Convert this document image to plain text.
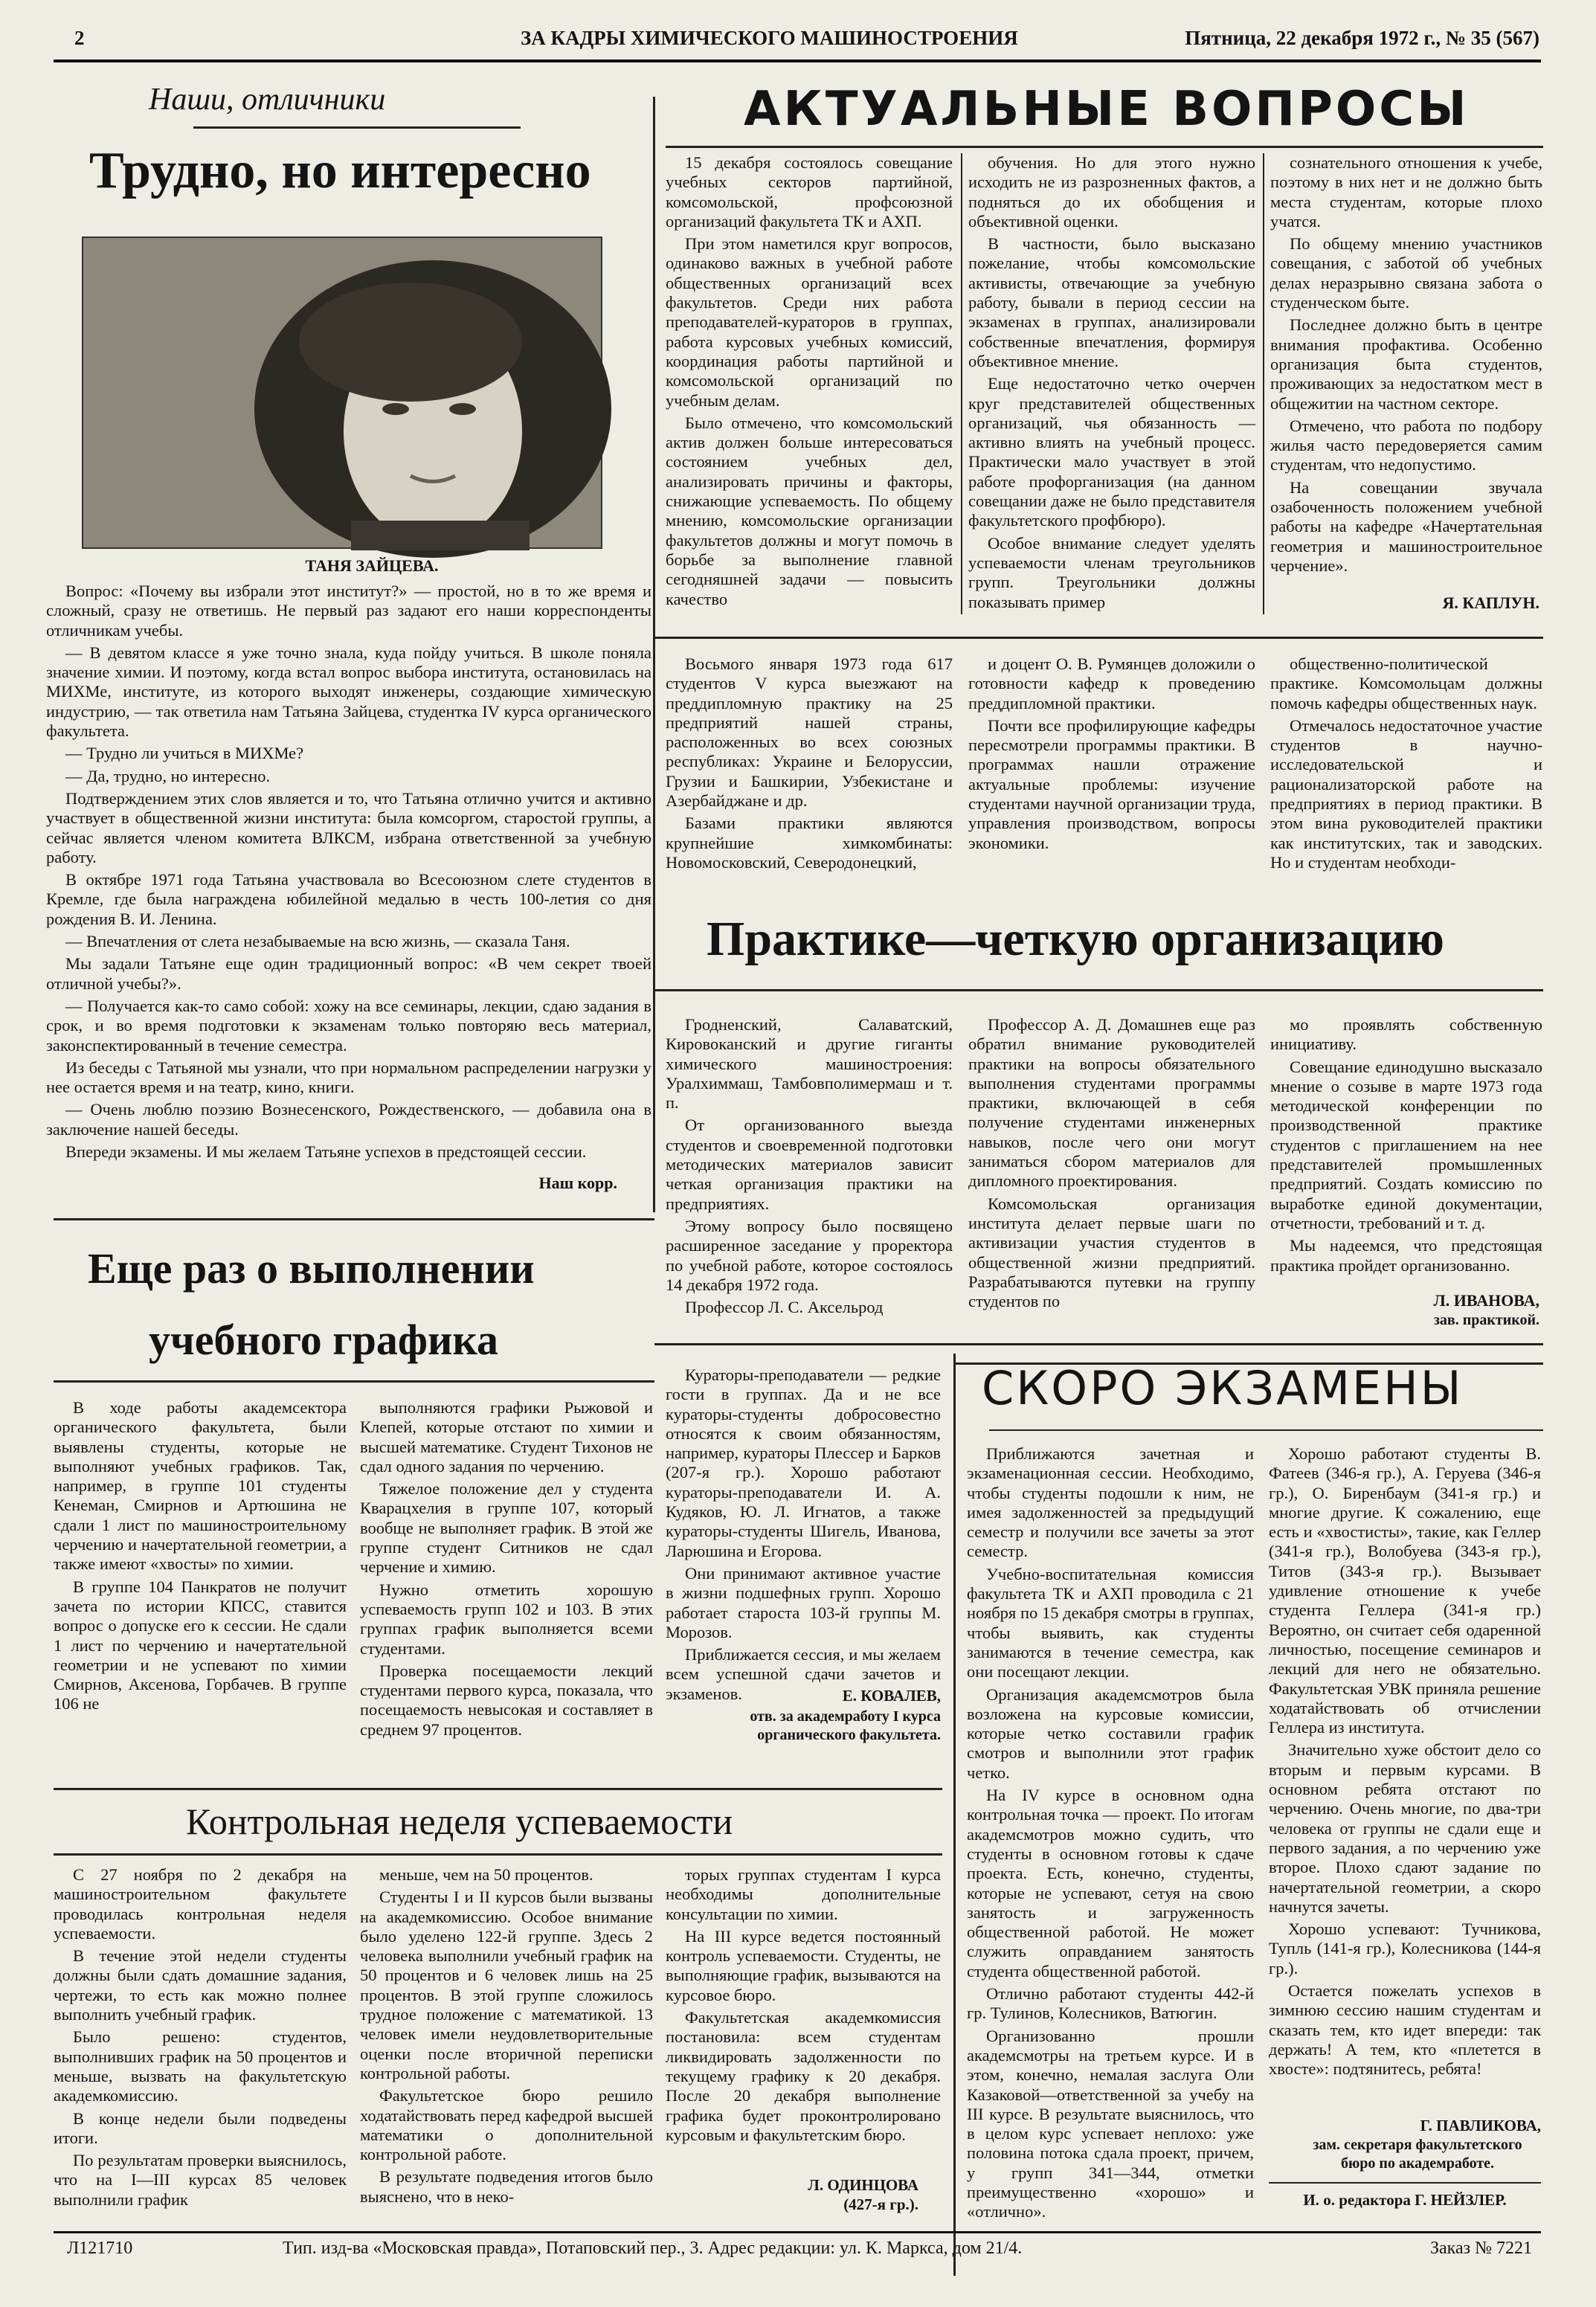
2	ЗА КАДРЫ ХИМИЧЕСКОГО МАШИНОСТРОЕНИЯ	Пятница, 22 декабря 1972 г., № 35 (567)
Наши, отличники
Трудно, но интересно
ТАНЯ ЗАЙЦЕВА.

Вопрос: «Почему вы избрали этот институт?» — простой, но в то же время и сложный, сразу не ответишь. Не первый раз задают его наши корреспонденты отличникам учебы.

— В девятом классе я уже точно знала, куда пойду учиться. В школе поняла значение химии. И поэтому, когда встал вопрос выбора института, остановилась на МИХМе, институте, из которого выходят инженеры, создающие химическую индустрию, — так ответила нам Татьяна Зайцева, студентка IV курса органического факультета.

— Трудно ли учиться в МИХМе?

— Да, трудно, но интересно.

Подтверждением этих слов является и то, что Татьяна отлично учится и активно участвует в общественной жизни института: была комсоргом, старостой группы, а сейчас является членом комитета ВЛКСМ, избрана ответственной за учебную работу.

В октябре 1971 года Татьяна участвовала во Всесоюзном слете студентов в Кремле, где была награждена юбилейной медалью в честь 100-летия со дня рождения В. И. Ленина.

— Впечатления от слета незабываемые на всю жизнь, — сказала Таня.

Мы задали Татьяне еще один традиционный вопрос: «В чем секрет твоей отличной учебы?».

— Получается как-то само собой: хожу на все семинары, лекции, сдаю задания в срок, и во время подготовки к экзаменам только повторяю весь материал, законспектированный в течение семестра.

Из беседы с Татьяной мы узнали, что при нормальном распределении нагрузки у нее остается время и на театр, кино, книги.

— Очень люблю поэзию Вознесенского, Рождественского, — добавила она в заключение нашей беседы.

Впереди экзамены. И мы желаем Татьяне успехов в предстоящей сессии.

Наш корр.
АКТУАЛЬНЫЕ ВОПРОСЫ

15 декабря состоялось совещание учебных секторов партийной, комсомольской, профсоюзной организаций факультета ТК и АХП.

При этом наметился круг вопросов, одинаково важных в учебной работе общественных организаций всех факультетов. Среди них работа преподавателей-кураторов в группах, работа курсовых учебных комиссий, координация работы партийной и комсомольской организаций по учебным делам.

Было отмечено, что комсомольский актив должен больше интересоваться состоянием учебных дел, анализировать причины и факторы, снижающие успеваемость. По общему мнению, комсомольские организации факультетов должны и могут помочь в борьбе за выполнение главной сегодняшней задачи — повысить качество

обучения. Но для этого нужно исходить не из разрозненных фактов, а подняться до их обобщения и объективной оценки.

В частности, было высказано пожелание, чтобы комсомольские активисты, отвечающие за учебную работу, бывали в период сессии на экзаменах в группах, анализировали собственные впечатления, формируя объективное мнение.

Еще недостаточно четко очерчен круг представителей общественных организаций, чья обязанность — активно влиять на учебный процесс. Практически мало участвует в этой работе профорганизация (на данном совещании даже не было представителя факультетского профбюро).

Особое внимание следует уделять успеваемости членам треугольников групп. Треугольники должны показывать пример

сознательного отношения к учебе, поэтому в них нет и не должно быть места студентам, которые плохо учатся.

По общему мнению участников совещания, с заботой об учебных делах неразрывно связана забота о студенческом быте.

Последнее должно быть в центре внимания профактива. Особенно организация быта студентов, проживающих за недостатком мест в общежитии на частном секторе.

Отмечено, что работа по подбору жилья часто передоверяется самим студентам, что недопустимо.

На совещании звучала озабоченность положением учебной работы на кафедре «Начертательная геометрия и машиностроительное черчение».

Я. КАПЛУН.

Восьмого января 1973 года 617 студентов V курса выезжают на преддипломную практику на 25 предприятий нашей страны, расположенных во всех союзных республиках: Украине и Белоруссии, Грузии и Башкирии, Узбекистане и Азербайджане и др.

Базами практики являются крупнейшие химкомбинаты: Новомосковский, Северодонецкий,

и доцент О. В. Румянцев доложили о готовности кафедр к проведению преддипломной практики.

Почти все профилирующие кафедры пересмотрели программы практики. В программах нашли отражение актуальные проблемы: изучение студентами научной организации труда, управления производством, вопросы экономики.

общественно-политической практике. Комсомольцам должны помочь кафедры общественных наук.

Отмечалось недостаточное участие студентов в научно-исследовательской и рационализаторской работе на предприятиях в период практики. В этом вина руководителей практики как институтских, так и заводских. Но и студентам необходи-

Практике—четкую организацию

Гродненский, Салаватский, Кировоканский и другие гиганты химического машиностроения: Уралхиммаш, Тамбовполимермаш и т. п.

От организованного выезда студентов и своевременной подготовки методических материалов зависит четкая организация практики на предприятиях.

Этому вопросу было посвящено расширенное заседание у проректора по учебной работе, которое состоялось 14 декабря 1972 года.

Профессор Л. С. Аксельрод

Профессор А. Д. Домашнев еще раз обратил внимание руководителей практики на вопросы обязательного выполнения студентами программы практики, включающей в себя получение студентами инженерных навыков, после чего они могут заниматься сбором материалов для дипломного проектирования.

Комсомольская организация института делает первые шаги по активизации участия студентов в общественной жизни предприятий. Разрабатываются путевки на группу студентов по

мо проявлять собственную инициативу.

Совещание единодушно высказало мнение о созыве в марте 1973 года методической конференции по производственной практике студентов с приглашением на нее представителей промышленных предприятий. Создать комиссию по выработке единой документации, отчетности, требований и т. д.

Мы надеемся, что предстоящая практика пройдет организованно.

Л. ИВАНОВА,
зав. практикой.
Еще раз о выполнении
учебного графика

В ходе работы академсектора органического факультета, были выявлены студенты, которые не выполняют учебных графиков. Так, например, в группе 101 студенты Кенеман, Смирнов и Артюшина не сдали 1 лист по машиностроительному черчению и начертательной геометрии, а также имеют «хвосты» по химии.

В группе 104 Панкратов не получит зачета по истории КПСС, ставится вопрос о допуске его к сессии. Не сдали 1 лист по черчению и начертательной геометрии и не успевают по химии Смирнов, Аксенова, Горбачев. В группе 106 не

выполняются графики Рыжовой и Клепей, которые отстают по химии и высшей математике. Студент Тихонов не сдал одного задания по черчению.

Тяжелое положение дел у студента Кварацхелия в группе 107, который вообще не выполняет график. В этой же группе студент Ситников не сдал черчение и химию.

Нужно отметить хорошую успеваемость групп 102 и 103. В этих группах график выполняется всеми студентами.

Проверка посещаемости лекций студентами первого курса, показала, что посещаемость невысокая и составляет в среднем 97 процентов.

Кураторы-преподаватели — редкие гости в группах. Да и не все кураторы-студенты добросовестно относятся к своим обязанностям, например, кураторы Плессер и Барков (207-я гр.). Хорошо работают кураторы-преподаватели И. А. Кудяков, Ю. Л. Игнатов, а также кураторы-студенты Шигель, Иванова, Ларюшина и Егорова.

Они принимают активное участие в жизни подшефных групп. Хорошо работает староста 103-й группы М. Морозов.

Приближается сессия, и мы желаем всем успешной сдачи зачетов и экзаменов.	Е. КОВАЛЕВ,
отв. за академработу I курса органического факультета.
Контрольная неделя успеваемости

С 27 ноября по 2 декабря на машиностроительном факультете проводилась контрольная неделя успеваемости.

В течение этой недели студенты должны были сдать домашние задания, чертежи, то есть как можно полнее выполнить учебный график.

Было решено: студентов, выполнивших график на 50 процентов и меньше, вызвать на факультетскую академкомиссию.

В конце недели были подведены итоги.

По результатам проверки выяснилось, что на I—III курсах 85 человек выполнили график

меньше, чем на 50 процентов.

Студенты I и II курсов были вызваны на академкомиссию. Особое внимание было уделено 122-й группе. Здесь 2 человека выполнили учебный график на 50 процентов и 6 человек лишь на 25 процентов. В этой группе сложилось трудное положение с математикой. 13 человек имели неудовлетворительные оценки после вторичной переписки контрольной работы.

Факультетское бюро решило ходатайствовать перед кафедрой высшей математики о дополнительной контрольной работе.

В результате подведения итогов было выяснено, что в неко-

торых группах студентам I курса необходимы дополнительные консультации по химии.

На III курсе ведется постоянный контроль успеваемости. Студенты, не выполняющие график, вызываются на курсовое бюро.

Факультетская академкомиссия постановила: всем студентам ликвидировать задолженности по текущему графику к 20 декабря. После 20 декабря выполнение графика будет проконтролировано курсовым и факультетским бюро.

Л. ОДИНЦОВА
(427-я гр.).
СКОРО ЭКЗАМЕНЫ

Приближаются зачетная и экзаменационная сессии. Необходимо, чтобы студенты подошли к ним, не имея задолженностей за предыдущий семестр и получили все зачеты за этот семестр.

Учебно-воспитательная комиссия факультета ТК и АХП проводила с 21 ноября по 15 декабря смотры в группах, чтобы выявить, как студенты занимаются в течение семестра, как они посещают лекции.

Организация академсмотров была возложена на курсовые комиссии, которые четко составили график смотров и выполнили этот график четко.

На IV курсе в основном одна контрольная точка — проект. По итогам академсмотров можно судить, что студенты в основном готовы к сдаче проекта. Есть, конечно, студенты, которые не успевают, сетуя на свою занятость и загруженность общественной работой. Не может служить оправданием занятость студента общественной работой.

Отлично работают студенты 442-й гр. Тулинов, Колесников, Ватюгин.

Организованно прошли академсмотры на третьем курсе. И в этом, конечно, немалая заслуга Оли Казаковой—ответственной за учебу на III курсе. В результате выяснилось, что в целом курс успевает неплохо: уже половина потока сдала проект, причем, у групп 341—344, отметки преимущественно «хорошо» и «отлично».

Хорошо работают студенты В. Фатеев (346-я гр.), А. Геруева (346-я гр.), О. Биренбаум (341-я гр.) и многие другие. К сожалению, еще есть и «хвостисты», такие, как Геллер (341-я гр.), Волобуева (343-я гр.), Титов (343-я гр.). Вызывает удивление отношение к учебе студента Геллера (341-я гр.) Вероятно, он считает себя одаренной личностью, посещение семинаров и лекций для него не обязательно. Факультетская УВК приняла решение ходатайствовать об отчислении Геллера из института.

Значительно хуже обстоит дело со вторым и первым курсами. В основном ребята отстают по черчению. Очень многие, по два-три человека от группы не сдали еще и первого задания, а по черчению уже второе. Плохо сдают задание по начертательной геометрии, а скоро начнутся зачеты.

Хорошо успевают: Тучникова, Тупль (141-я гр.), Колесникова (144-я гр.).

Остается пожелать успехов в зимнюю сессию нашим студентам и сказать тем, кто идет впереди: так держать! А тем, кто «плетется в хвосте»: подтянитесь, ребята!

Г. ПАВЛИКОВА,
зам. секретаря факультетского бюро по академработе.
И. о. редактора Г. НЕЙЗЛЕР.
Л121710	Тип. изд-ва «Московская правда», Потаповский пер., 3. Адрес редакции: ул. К. Маркса, дом 21/4.	Заказ № 7221
